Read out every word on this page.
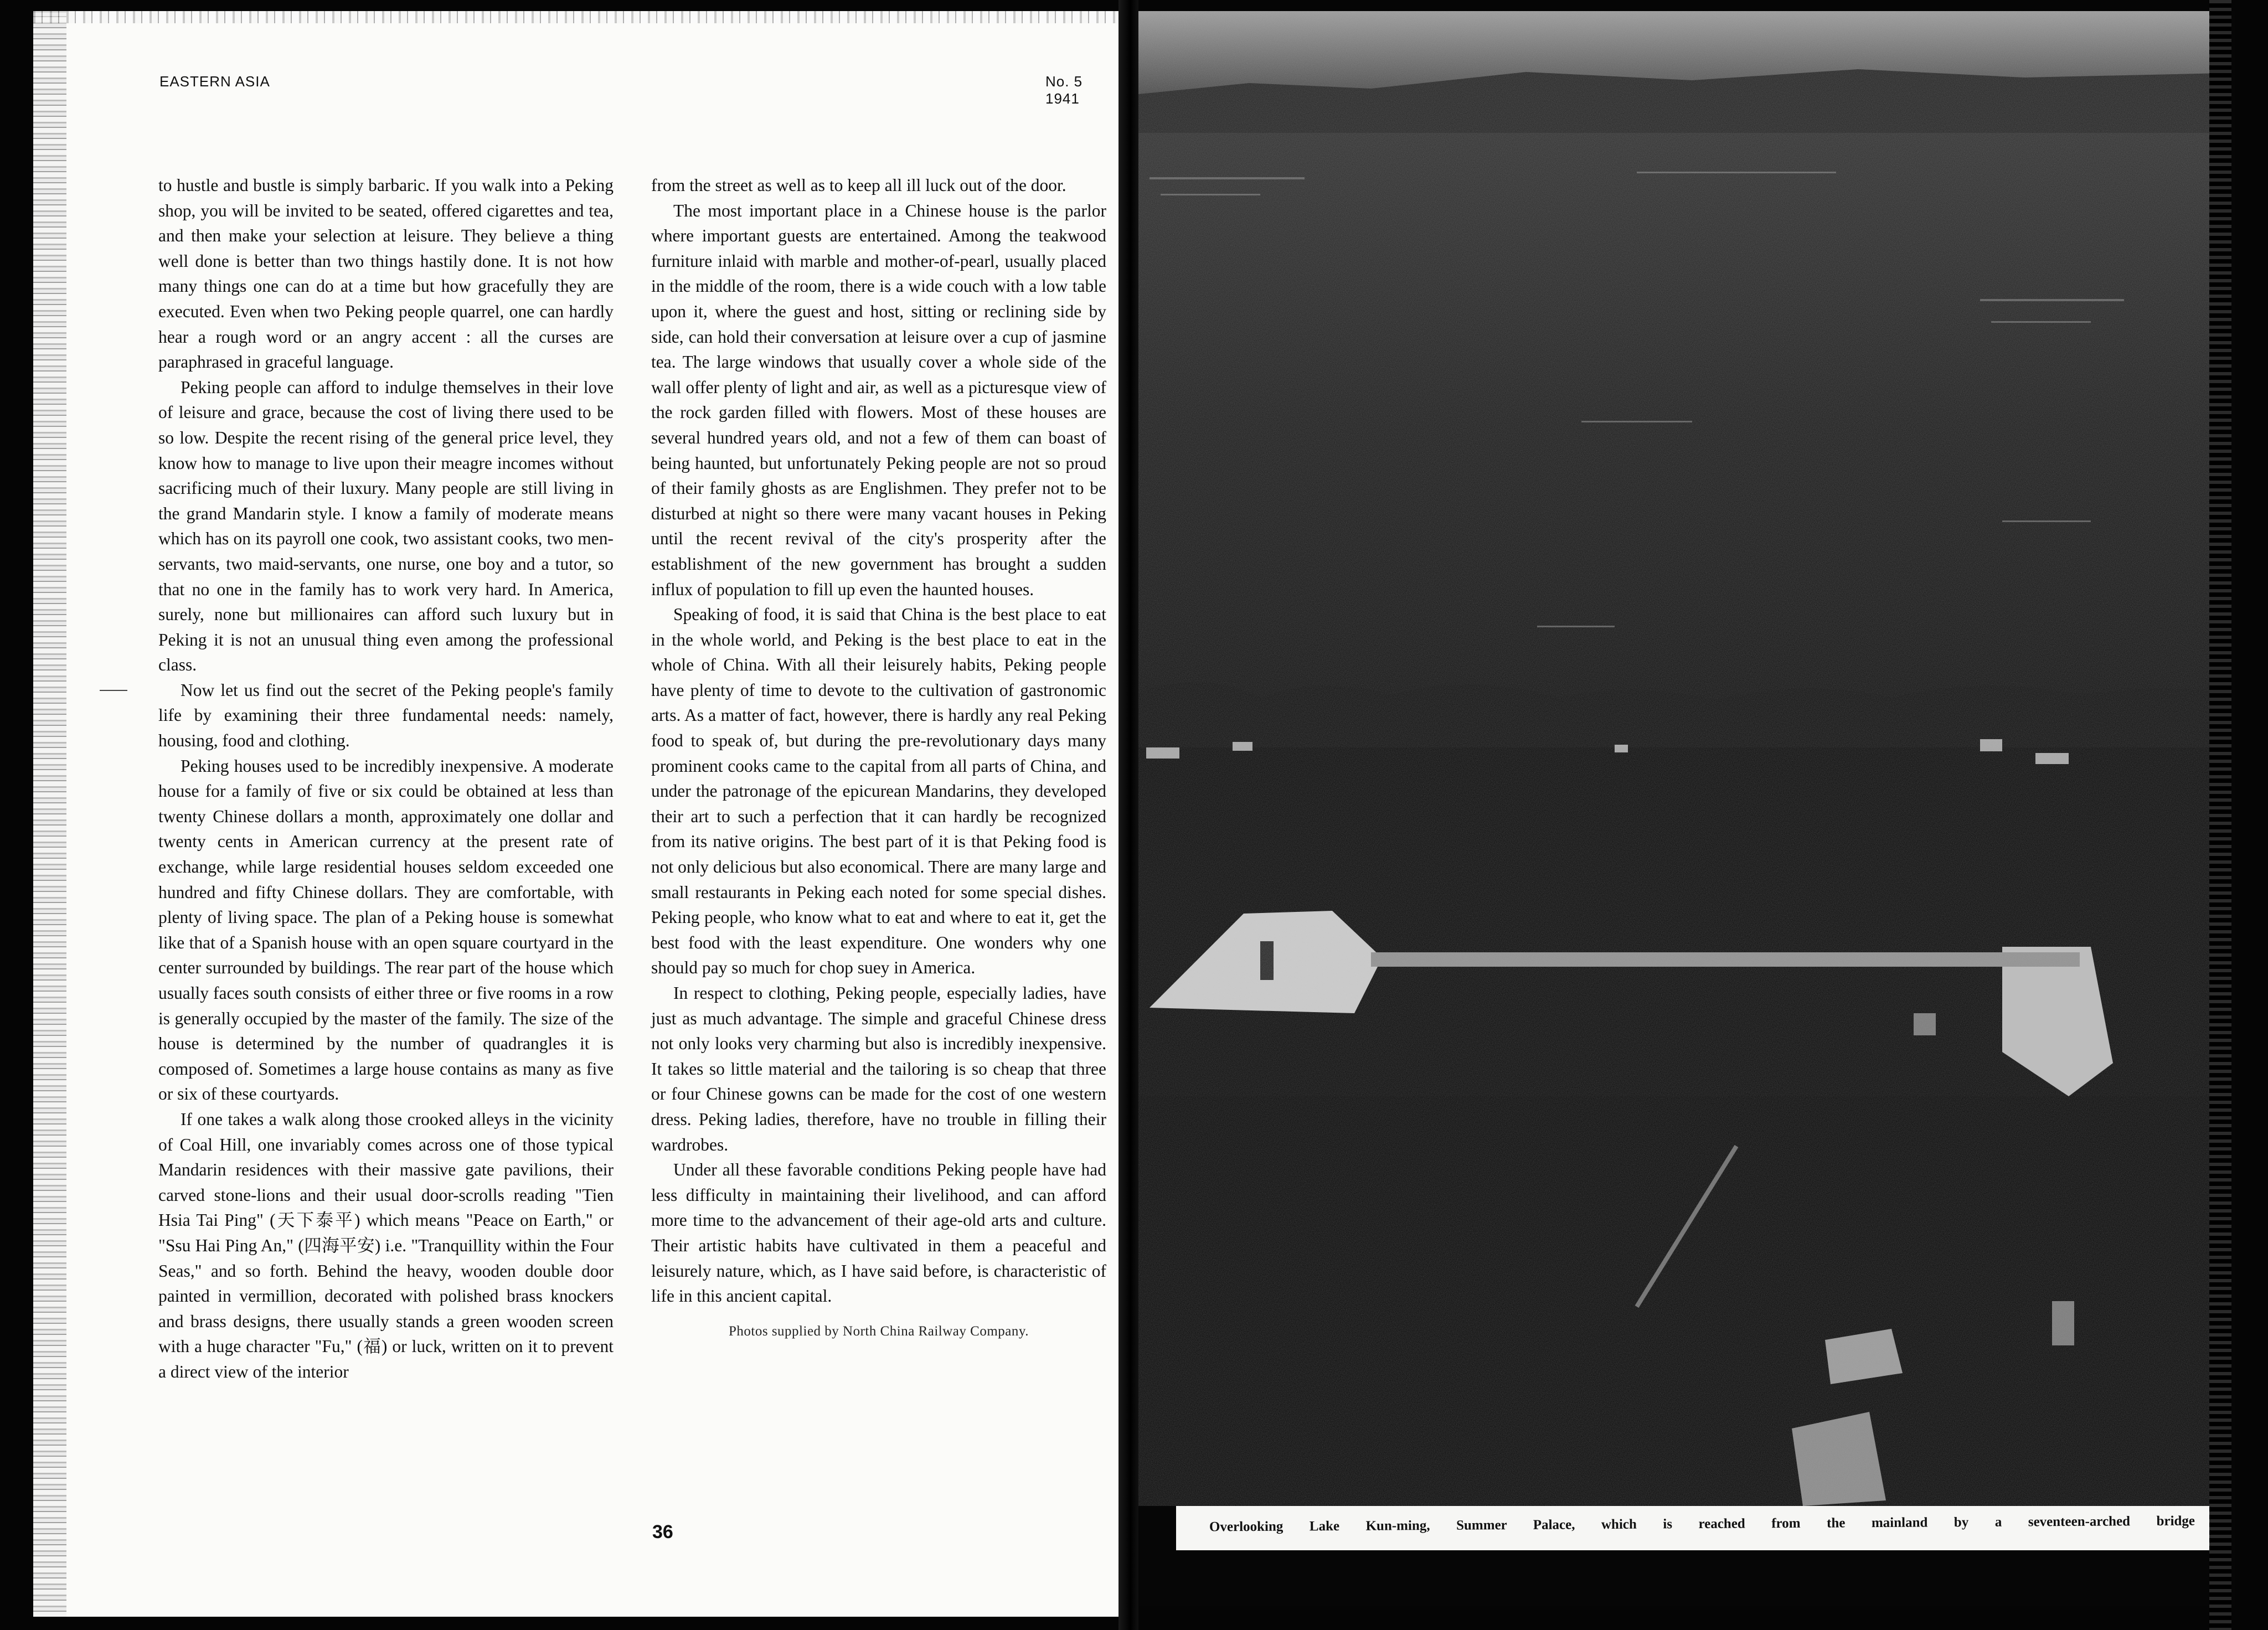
EASTERN ASIA	No. 5 1941

to hustle and bustle is simply barbaric. If you walk into a Peking shop, you will be invited to be seated, offered cigarettes and tea, and then make your selection at leisure. They believe a thing well done is better than two things hastily done. It is not how many things one can do at a time but how gracefully they are executed. Even when two Peking people quarrel, one can hardly hear a rough word or an angry accent : all the curses are paraphrased in graceful language.

Peking people can afford to indulge themselves in their love of leisure and grace, because the cost of living there used to be so low. Despite the recent rising of the general price level, they know how to manage to live upon their meagre incomes without sacrificing much of their luxury. Many people are still living in the grand Mandarin style. I know a family of moderate means which has on its payroll one cook, two assistant cooks, two men-servants, two maid-servants, one nurse, one boy and a tutor, so that no one in the family has to work very hard. In America, surely, none but millionaires can afford such luxury but in Peking it is not an unusual thing even among the professional class.

Now let us find out the secret of the Peking people's family life by examining their three fundamental needs: namely, housing, food and clothing.

Peking houses used to be incredibly inexpensive. A moderate house for a family of five or six could be obtained at less than twenty Chinese dollars a month, approximately one dollar and twenty cents in American currency at the present rate of exchange, while large residential houses seldom exceeded one hundred and fifty Chinese dollars. They are comfortable, with plenty of living space. The plan of a Peking house is somewhat like that of a Spanish house with an open square courtyard in the center surrounded by buildings. The rear part of the house which usually faces south consists of either three or five rooms in a row is generally occupied by the master of the family. The size of the house is determined by the number of quadrangles it is composed of. Sometimes a large house contains as many as five or six of these courtyards.

If one takes a walk along those crooked alleys in the vicinity of Coal Hill, one invariably comes across one of those typical Mandarin residences with their massive gate pavilions, their carved stone-lions and their usual door-scrolls reading "Tien Hsia Tai Ping" (天下泰平) which means "Peace on Earth," or "Ssu Hai Ping An," (四海平安) i.e. "Tranquillity within the Four Seas," and so forth. Behind the heavy, wooden double door painted in vermillion, decorated with polished brass knockers and brass designs, there usually stands a green wooden screen with a huge character "Fu," (福) or luck, written on it to prevent a direct view of the interior

from the street as well as to keep all ill luck out of the door.

The most important place in a Chinese house is the parlor where important guests are entertained. Among the teakwood furniture inlaid with marble and mother-of-pearl, usually placed in the middle of the room, there is a wide couch with a low table upon it, where the guest and host, sitting or reclining side by side, can hold their conversation at leisure over a cup of jasmine tea. The large windows that usually cover a whole side of the wall offer plenty of light and air, as well as a picturesque view of the rock garden filled with flowers. Most of these houses are several hundred years old, and not a few of them can boast of being haunted, but unfortunately Peking people are not so proud of their family ghosts as are Englishmen. They prefer not to be disturbed at night so there were many vacant houses in Peking until the recent revival of the city's prosperity after the establishment of the new government has brought a sudden influx of population to fill up even the haunted houses.

Speaking of food, it is said that China is the best place to eat in the whole world, and Peking is the best place to eat in the whole of China. With all their leisurely habits, Peking people have plenty of time to devote to the cultivation of gastronomic arts. As a matter of fact, however, there is hardly any real Peking food to speak of, but during the pre-revolutionary days many prominent cooks came to the capital from all parts of China, and under the patronage of the epicurean Mandarins, they developed their art to such a perfection that it can hardly be recognized from its native origins. The best part of it is that Peking food is not only delicious but also economical. There are many large and small restaurants in Peking each noted for some special dishes. Peking people, who know what to eat and where to eat it, get the best food with the least expenditure. One wonders why one should pay so much for chop suey in America.

In respect to clothing, Peking people, especially ladies, have just as much advantage. The simple and graceful Chinese dress not only looks very charming but also is incredibly inexpensive. It takes so little material and the tailoring is so cheap that three or four Chinese gowns can be made for the cost of one western dress. Peking ladies, therefore, have no trouble in filling their wardrobes.

Under all these favorable conditions Peking people have had less difficulty in maintaining their livelihood, and can afford more time to the advancement of their age-old arts and culture. Their artistic habits have cultivated in them a peaceful and leisurely nature, which, as I have said before, is characteristic of life in this ancient capital.

Photos supplied by North China Railway Company.
36	Overlooking Lake Kun-ming, Summer Palace, which is reached from the mainland by a seventeen-arched bridge
